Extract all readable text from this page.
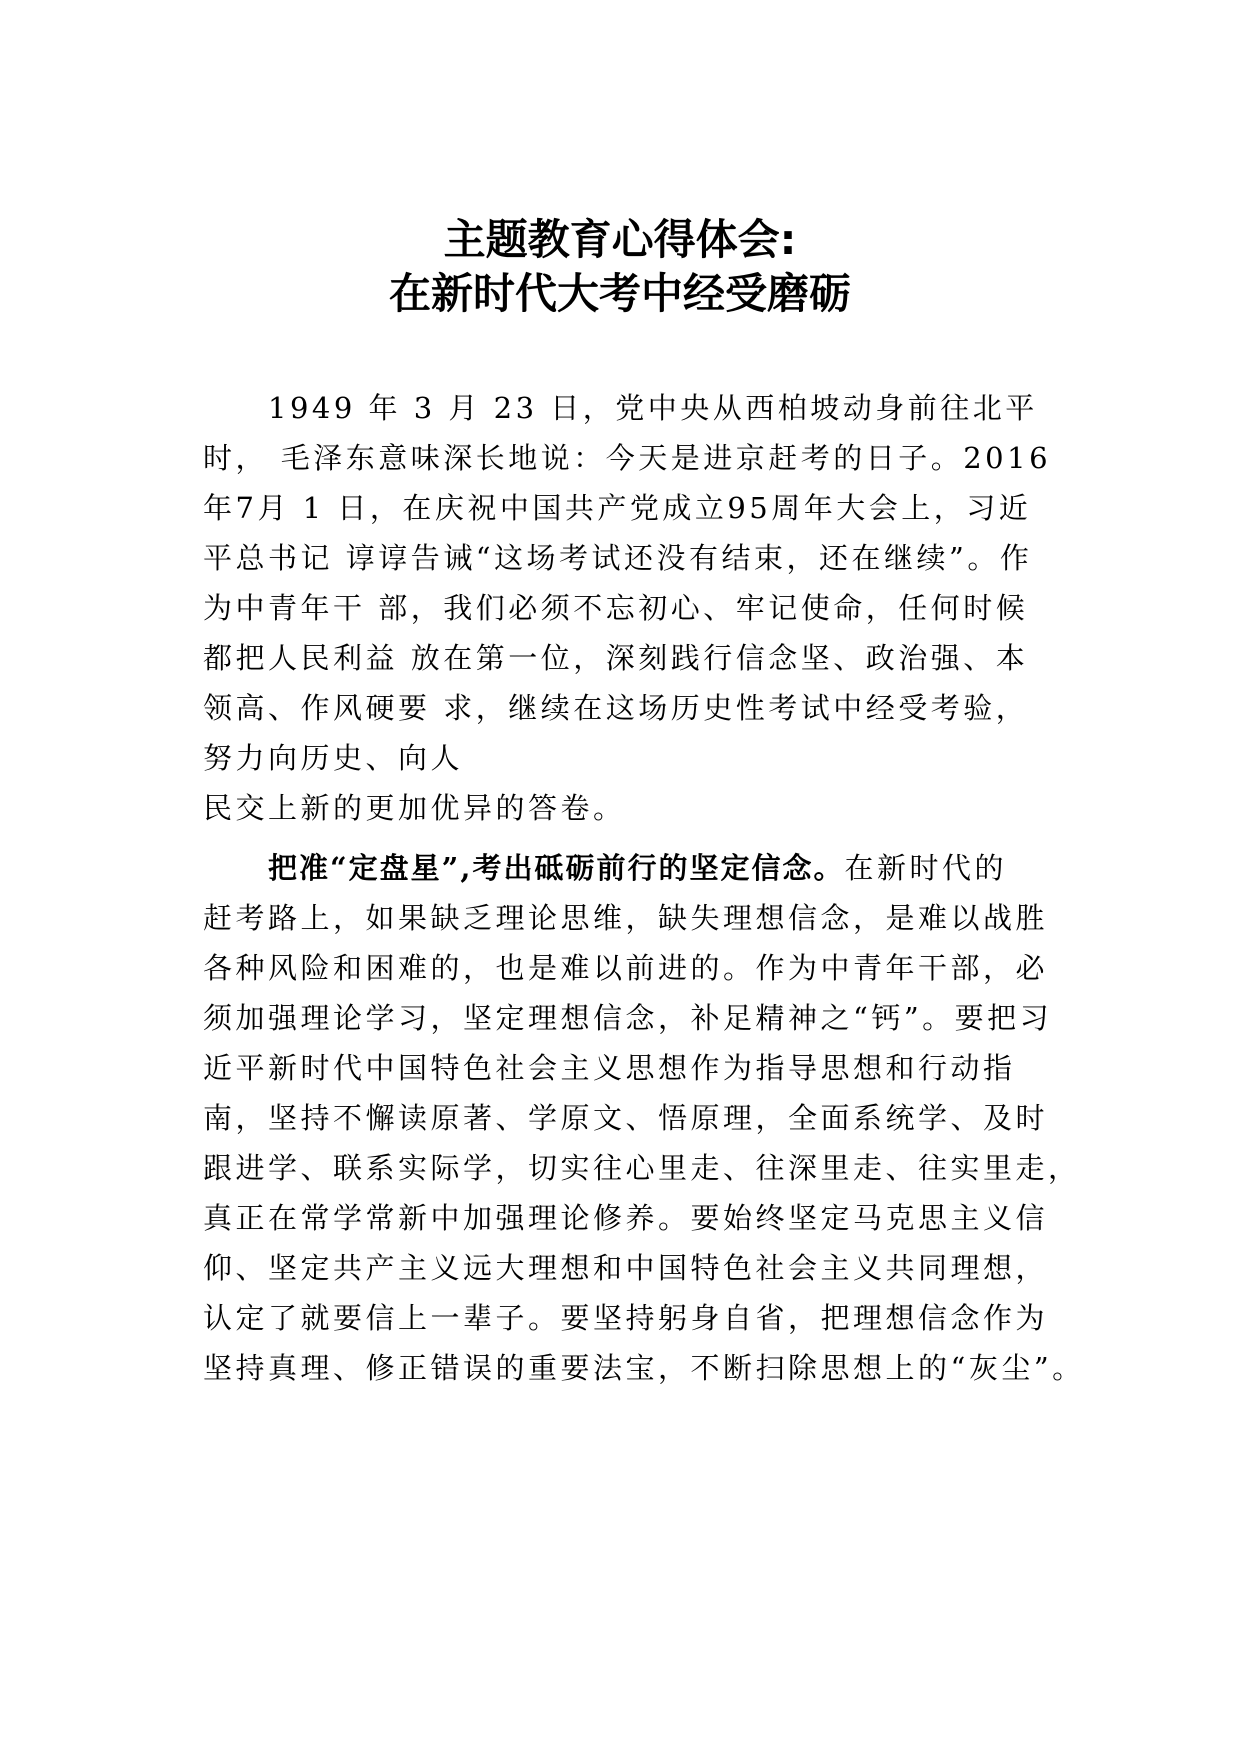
主题教育心得体会:
在新时代大考中经受磨砺
1949 年 3 月 23 日，党中央从西柏坡动身前往北平
时， 毛泽东意味深长地说：今天是进京赶考的日子。2016
年7月 1 日，在庆祝中国共产党成立95周年大会上，习近
平总书记 谆谆告诫“这场考试还没有结束，还在继续”。作
为中青年干 部，我们必须不忘初心、牢记使命，任何时候
都把人民利益 放在第一位，深刻践行信念坚、政治强、本
领高、作风硬要 求，继续在这场历史性考试中经受考验，
努力向历史、向人
民交上新的更加优异的答卷。
把准“定盘星”,考出砥砺前行的坚定信念。在新时代的
赶考路上，如果缺乏理论思维，缺失理想信念，是难以战胜
各种风险和困难的，也是难以前进的。作为中青年干部，必
须加强理论学习，坚定理想信念，补足精神之“钙”。要把习
近平新时代中国特色社会主义思想作为指导思想和行动指
南，坚持不懈读原著、学原文、悟原理，全面系统学、及时
跟进学、联系实际学，切实往心里走、往深里走、往实里走，
真正在常学常新中加强理论修养。要始终坚定马克思主义信
仰、坚定共产主义远大理想和中国特色社会主义共同理想，
认定了就要信上一辈子。要坚持躬身自省，把理想信念作为
坚持真理、修正错误的重要法宝，不断扫除思想上的“灰尘”。
